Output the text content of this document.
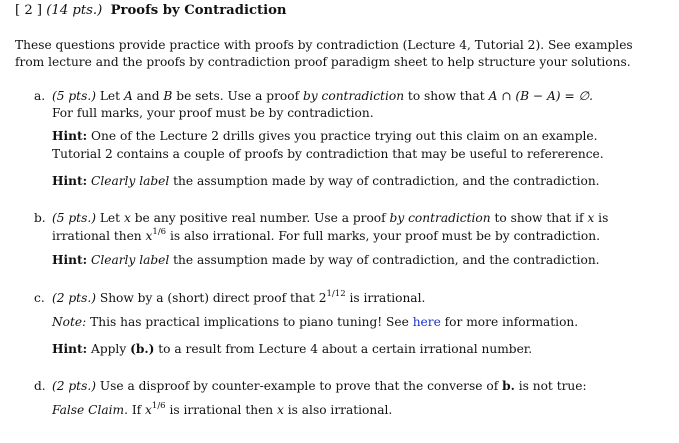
[ 2 ] (14 pts.) Proofs by Contradiction
These questions provide practice with proofs by contradiction (Lecture 4, Tutorial 2). See examples
from lecture and the proofs by contradiction proof paradigm sheet to help structure your solutions.
a. (5 pts.) Let A and B be sets. Use a proof by contradiction to show that A ∩ (B − A) = ∅.
For full marks, your proof must be by contradiction.
Hint: One of the Lecture 2 drills gives you practice trying out this claim on an example.
Tutorial 2 contains a couple of proofs by contradiction that may be useful to refererence.
Hint: Clearly label the assumption made by way of contradiction, and the contradiction.
b. (5 pts.) Let x be any positive real number. Use a proof by contradiction to show that if x is
irrational then $x^{1/6}$ is also irrational. For full marks, your proof must be by contradiction.
Hint: Clearly label the assumption made by way of contradiction, and the contradiction.
c. (2 pts.) Show by a (short) direct proof that $2^{1/12}$ is irrational.
Note: This has practical implications to piano tuning! See here for more information.
Hint: Apply (b.) to a result from Lecture 4 about a certain irrational number.
d. (2 pts.) Use a disproof by counter-example to prove that the converse of b. is not true:
False Claim. If $x^{1/6}$ is irrational then x is also irrational.
